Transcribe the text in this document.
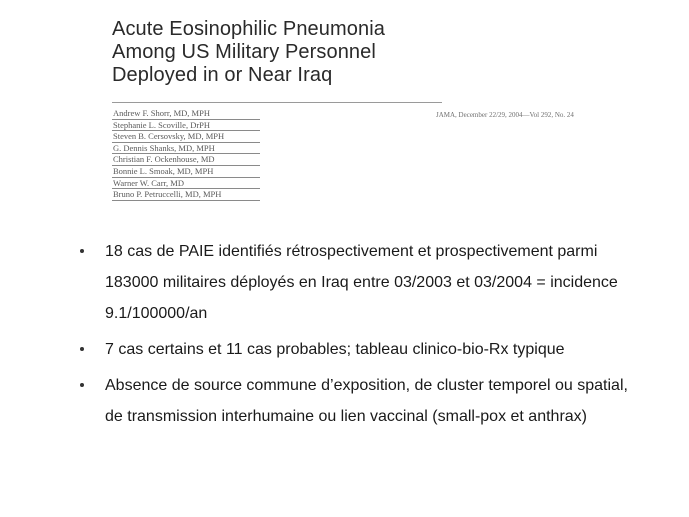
Acute Eosinophilic Pneumonia
Among US Military Personnel
Deployed in or Near Iraq
Andrew F. Shorr, MD, MPH
Stephanie L. Scoville, DrPH
Steven B. Cersovsky, MD, MPH
G. Dennis Shanks, MD, MPH
Christian F. Ockenhouse, MD
Bonnie L. Smoak, MD, MPH
Warner W. Carr, MD
Bruno P. Petruccelli, MD, MPH
JAMA, December 22/29, 2004—Vol 292, No. 24
18 cas de PAIE identifiés rétrospectivement et prospectivement parmi 183000 militaires déployés en Iraq entre 03/2003 et 03/2004 = incidence 9.1/100000/an
7 cas certains et 11 cas probables; tableau clinico-bio-Rx typique
Absence de source commune d’exposition, de cluster temporel ou spatial, de transmission interhumaine ou lien vaccinal (small-pox et anthrax)
